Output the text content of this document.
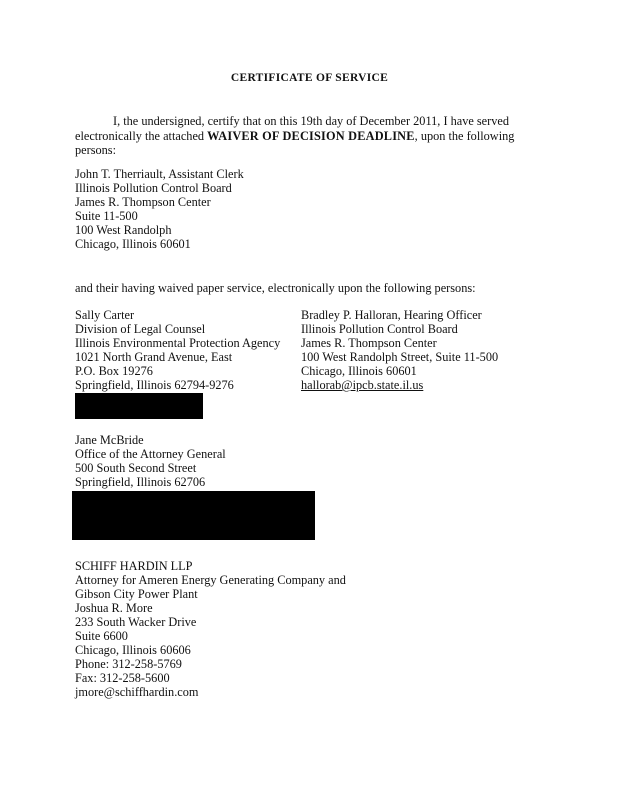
CERTIFICATE OF SERVICE
I, the undersigned, certify that on this 19th day of December 2011, I have served electronically the attached WAIVER OF DECISION DEADLINE, upon the following persons:
John T. Therriault, Assistant Clerk
Illinois Pollution Control Board
James R. Thompson Center
Suite 11-500
100 West Randolph
Chicago, Illinois 60601
and their having waived paper service, electronically upon the following persons:
Sally Carter
Division of Legal Counsel
Illinois Environmental Protection Agency
1021 North Grand Avenue, East
P.O. Box 19276
Springfield, Illinois 62794-9276
Bradley P. Halloran, Hearing Officer
Illinois Pollution Control Board
James R. Thompson Center
100 West Randolph Street, Suite 11-500
Chicago, Illinois 60601
hallorab@ipcb.state.il.us
Jane McBride
Office of the Attorney General
500 South Second Street
Springfield, Illinois 62706
SCHIFF HARDIN LLP
Attorney for Ameren Energy Generating Company and
Gibson City Power Plant
Joshua R. More
233 South Wacker Drive
Suite 6600
Chicago, Illinois 60606
Phone: 312-258-5769
Fax: 312-258-5600
jmore@schiffhardin.com
